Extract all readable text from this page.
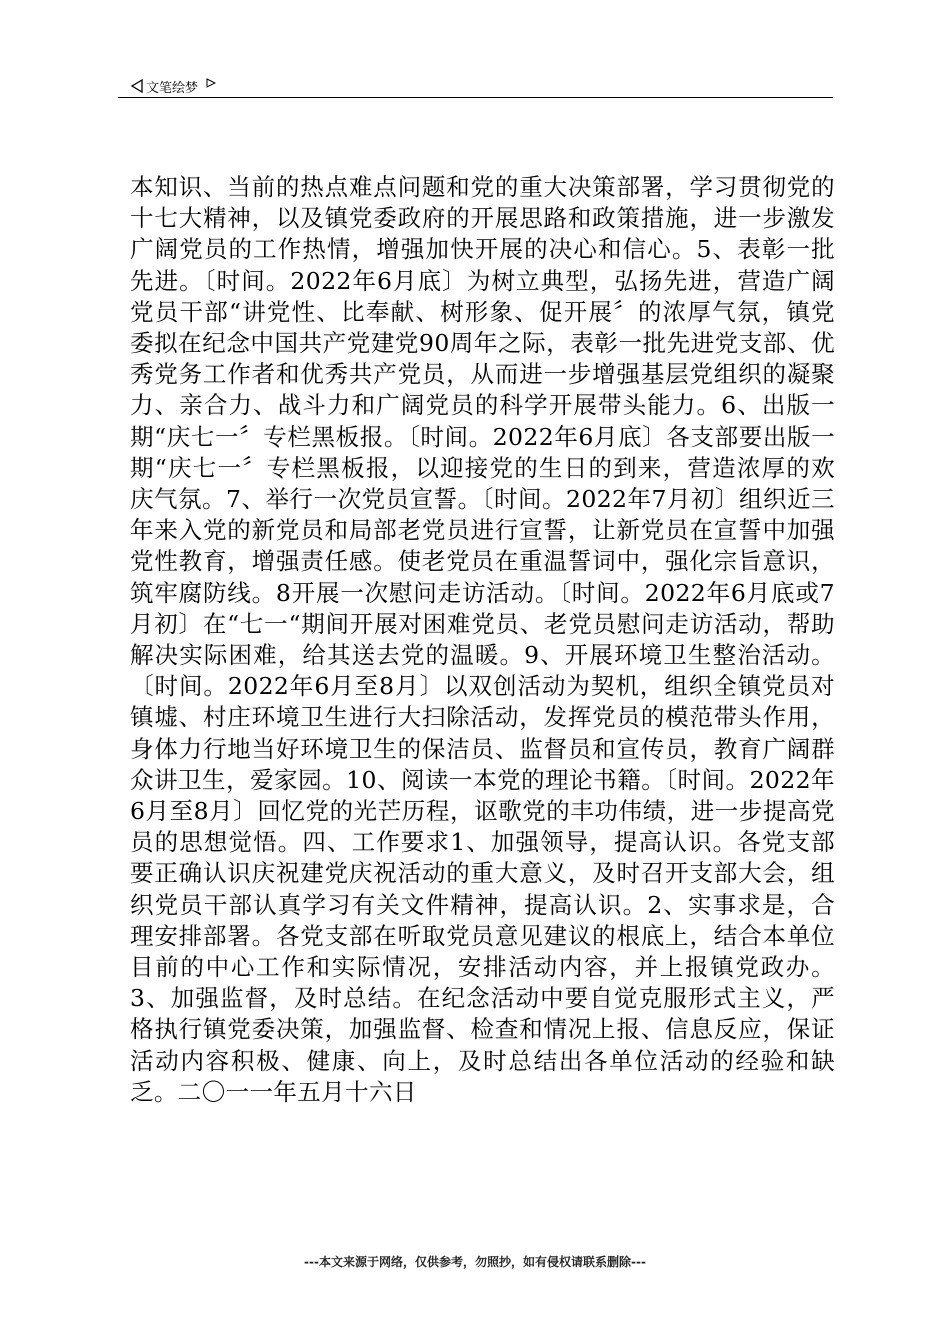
文笔绘梦

本知识、当前的热点难点问题和党的重大决策部署，学习贯彻党的十七大精神，以及镇党委政府的开展思路和政策措施，进一步激发广阔党员的工作热情，增强加快开展的决心和信心。5、表彰一批先进。〔时间。2022年6月底〕为树立典型，弘扬先进，营造广阔党员干部“讲党性、比奉献、树形象、促开展〞的浓厚气氛，镇党委拟在纪念中国共产党建党90周年之际，表彰一批先进党支部、优秀党务工作者和优秀共产党员，从而进一步增强基层党组织的凝聚力、亲合力、战斗力和广阔党员的科学开展带头能力。6、出版一期“庆七一〞专栏黑板报。〔时间。2022年6月底〕各支部要出版一期“庆七一〞专栏黑板报，以迎接党的生日的到来，营造浓厚的欢庆气氛。7、举行一次党员宣誓。〔时间。2022年7月初〕组织近三年来入党的新党员和局部老党员进行宣誓，让新党员在宣誓中加强党性教育，增强责任感。使老党员在重温誓词中，强化宗旨意识，筑牢腐防线。8开展一次慰问走访活动。〔时间。2022年6月底或7月初〕在“七一“期间开展对困难党员、老党员慰问走访活动，帮助解决实际困难，给其送去党的温暖。9、开展环境卫生整治活动。〔时间。2022年6月至8月〕以双创活动为契机，组织全镇党员对镇墟、村庄环境卫生进行大扫除活动，发挥党员的模范带头作用，身体力行地当好环境卫生的保洁员、监督员和宣传员，教育广阔群众讲卫生，爱家园。10、阅读一本党的理论书籍。〔时间。2022年6月至8月〕回忆党的光芒历程，讴歌党的丰功伟绩，进一步提高党员的思想觉悟。四、工作要求1、加强领导，提高认识。各党支部要正确认识庆祝建党庆祝活动的重大意义，及时召开支部大会，组织党员干部认真学习有关文件精神，提高认识。2、实事求是，合理安排部署。各党支部在听取党员意见建议的根底上，结合本单位目前的中心工作和实际情况，安排活动内容，并上报镇党政办。3、加强监督，及时总结。在纪念活动中要自觉克服形式主义，严格执行镇党委决策，加强监督、检查和情况上报、信息反应，保证活动内容积极、健康、向上，及时总结出各单位活动的经验和缺乏。二〇一一年五月十六日

---本文来源于网络，仅供参考，勿照抄，如有侵权请联系删除---
